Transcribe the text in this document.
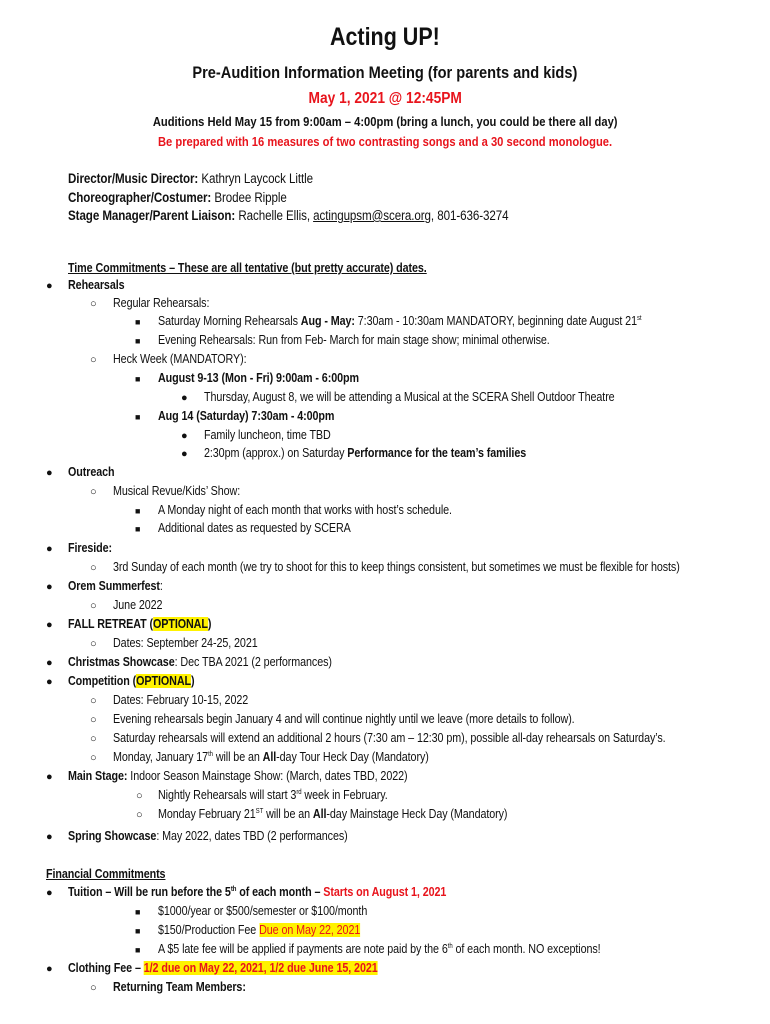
Acting UP!
Pre-Audition Information Meeting (for parents and kids)
May 1, 2021 @ 12:45PM
Auditions Held May 15 from 9:00am – 4:00pm (bring a lunch, you could be there all day)
Be prepared with 16 measures of two contrasting songs and a 30 second monologue.
Director/Music Director: Kathryn Laycock Little
Choreographer/Costumer: Brodee Ripple
Stage Manager/Parent Liaison: Rachelle Ellis, actingupsm@scera.org, 801-636-3274
Time Commitments – These are all tentative (but pretty accurate) dates.
● Rehearsals
○ Regular Rehearsals:
■ Saturday Morning Rehearsals Aug - May: 7:30am - 10:30am MANDATORY, beginning date August 21st
■ Evening Rehearsals: Run from Feb- March for main stage show; minimal otherwise.
○ Heck Week (MANDATORY):
■ August 9-13 (Mon - Fri) 9:00am - 6:00pm
● Thursday, August 8, we will be attending a Musical at the SCERA Shell Outdoor Theatre
■ Aug 14 (Saturday) 7:30am - 4:00pm
● Family luncheon, time TBD
● 2:30pm (approx.) on Saturday Performance for the team’s families
● Outreach
○ Musical Revue/Kids’ Show:
■ A Monday night of each month that works with host’s schedule.
■ Additional dates as requested by SCERA
● Fireside:
○ 3rd Sunday of each month (we try to shoot for this to keep things consistent, but sometimes we must be flexible for hosts)
● Orem Summerfest:
○ June 2022
● FALL RETREAT (OPTIONAL)
○ Dates: September 24-25, 2021
● Christmas Showcase: Dec TBA 2021 (2 performances)
● Competition (OPTIONAL)
○ Dates: February 10-15, 2022
○ Evening rehearsals begin January 4 and will continue nightly until we leave (more details to follow).
○ Saturday rehearsals will extend an additional 2 hours (7:30 am – 12:30 pm), possible all-day rehearsals on Saturday’s.
○ Monday, January 17th will be an All-day Tour Heck Day (Mandatory)
● Main Stage: Indoor Season Mainstage Show: (March, dates TBD, 2022)
○ Nightly Rehearsals will start 3rd week in February.
○ Monday February 21ST will be an All-day Mainstage Heck Day (Mandatory)
● Spring Showcase: May 2022, dates TBD (2 performances)
Financial Commitments
● Tuition – Will be run before the 5th of each month – Starts on August 1, 2021
■ $1000/year or $500/semester or $100/month
■ $150/Production Fee Due on May 22, 2021
■ A $5 late fee will be applied if payments are note paid by the 6th of each month. NO exceptions!
● Clothing Fee – 1/2 due on May 22, 2021, 1/2 due June 15, 2021
○ Returning Team Members:
